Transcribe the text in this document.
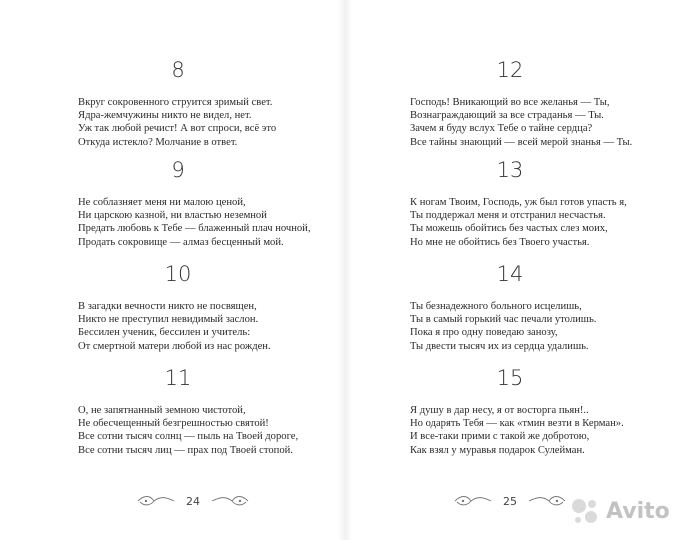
8
Вкруг сокровенного струится зримый свет.
Ядра-жемчужины никто не видел, нет.
Уж так любой речист! А вот спроси, всё это
Откуда истекло? Молчание в ответ.
9
Не соблазняет меня ни малою ценой,
Ни царскою казной, ни властью неземной
Предать любовь к Тебе — блаженный плач ночной,
Продать сокровище — алмаз бесценный мой.
10
В загадки вечности никто не посвящен,
Никто не преступил невидимый заслон.
Бессилен ученик, бессилен и учитель:
От смертной матери любой из нас рожден.
11
О, не запятнанный земною чистотой,
Не обесчещенный безгрешностью святой!
Все сотни тысяч солнц — пыль на Твоей дороге,
Все сотни тысяч лиц — прах под Твоей стопой.
24
12
Господь! Вникающий во все желанья — Ты,
Вознаграждающий за все страданья — Ты.
Зачем я буду вслух Тебе о тайне сердца?
Все тайны знающий — всей мерой знанья — Ты.
13
К ногам Твоим, Господь, уж был готов упасть я,
Ты поддержал меня и отстранил несчастья.
Ты можешь обойтись без частых слез моих,
Но мне не обойтись без Твоего участья.
14
Ты безнадежного больного исцелишь,
Ты в самый горький час печали утолишь.
Пока я про одну поведаю занозу,
Ты двести тысяч их из сердца удалишь.
15
Я душу в дар несу, я от восторга пьян!..
Но одарять Тебя — как «тмин везти в Керман».
И все-таки прими с такой же добротою,
Как взял у муравья подарок Сулейман.
25	Avito
